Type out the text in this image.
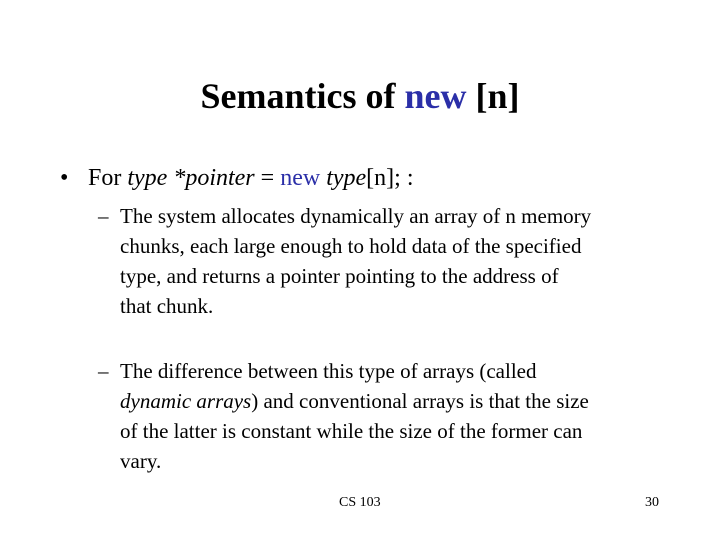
Semantics of new [n]
• For type *pointer = new type[n]; :
– The system allocates dynamically an array of n memory
chunks, each large enough to hold data of the specified
type, and returns a pointer pointing to the address of
that chunk.
– The difference between this type of arrays (called
dynamic arrays) and conventional arrays is that the size
of the latter is constant while the size of the former can
vary.
CS 103	30
